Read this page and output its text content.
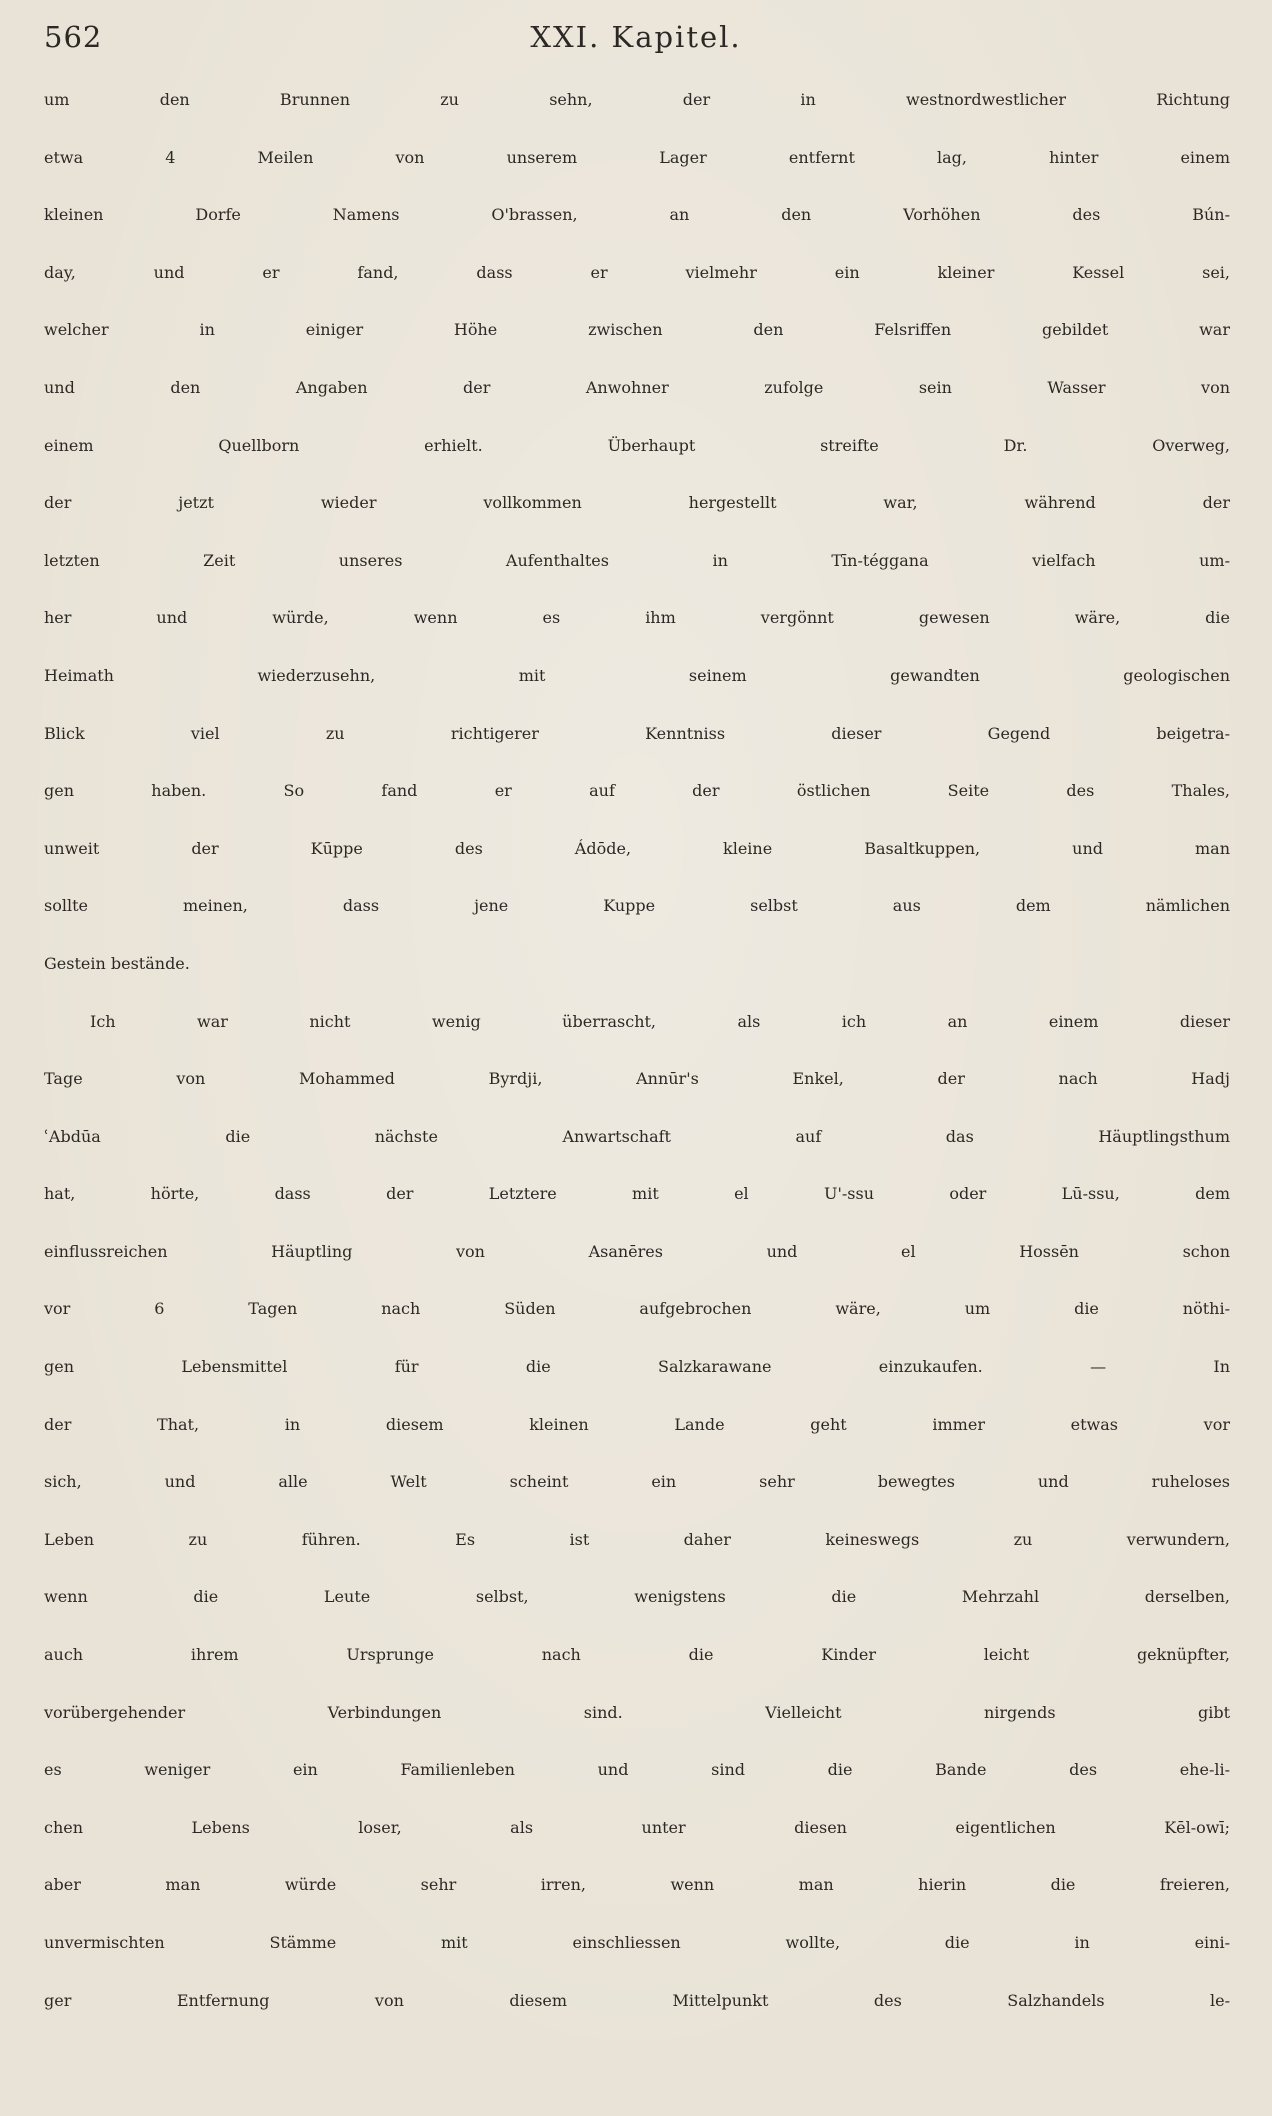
562	XXI. Kapitel.
um den Brunnen zu sehn, der in westnordwestlicher Richtung
etwa 4 Meilen von unserem Lager entfernt lag, hinter einem
kleinen Dorfe Namens O'brassen, an den Vorhöhen des Bún-
day, und er fand, dass er vielmehr ein kleiner Kessel sei,
welcher in einiger Höhe zwischen den Felsriffen gebildet war
und den Angaben der Anwohner zufolge sein Wasser von
einem Quellborn erhielt. Überhaupt streifte Dr. Overweg,
der jetzt wieder vollkommen hergestellt war, während der
letzten Zeit unseres Aufenthaltes in Tīn-téggana vielfach um-
her und würde, wenn es ihm vergönnt gewesen wäre, die
Heimath wiederzusehn, mit seinem gewandten geologischen
Blick viel zu richtigerer Kenntniss dieser Gegend beigetra-
gen haben. So fand er auf der östlichen Seite des Thales,
unweit der Kūppe des Ádōde, kleine Basaltkuppen, und man
sollte meinen, dass jene Kuppe selbst aus dem nämlichen
Gestein bestände.
Ich war nicht wenig überrascht, als ich an einem dieser
Tage von Mohammed Byrdji, Annūr's Enkel, der nach Hadj
ʿAbdūa die nächste Anwartschaft auf das Häuptlingsthum
hat, hörte, dass der Letztere mit el U'-ssu oder Lū-ssu, dem
einflussreichen Häuptling von Asanēres und el Hossēn schon
vor 6 Tagen nach Süden aufgebrochen wäre, um die nöthi-
gen Lebensmittel für die Salzkarawane einzukaufen. — In
der That, in diesem kleinen Lande geht immer etwas vor
sich, und alle Welt scheint ein sehr bewegtes und ruheloses
Leben zu führen. Es ist daher keineswegs zu verwundern,
wenn die Leute selbst, wenigstens die Mehrzahl derselben,
auch ihrem Ursprunge nach die Kinder leicht geknüpfter,
vorübergehender Verbindungen sind. Vielleicht nirgends gibt
es weniger ein Familienleben und sind die Bande des ehe-li-
chen Lebens loser, als unter diesen eigentlichen Kēl-owī;
aber man würde sehr irren, wenn man hierin die freieren,
unvermischten Stämme mit einschliessen wollte, die in eini-
ger Entfernung von diesem Mittelpunkt des Salzhandels le-
